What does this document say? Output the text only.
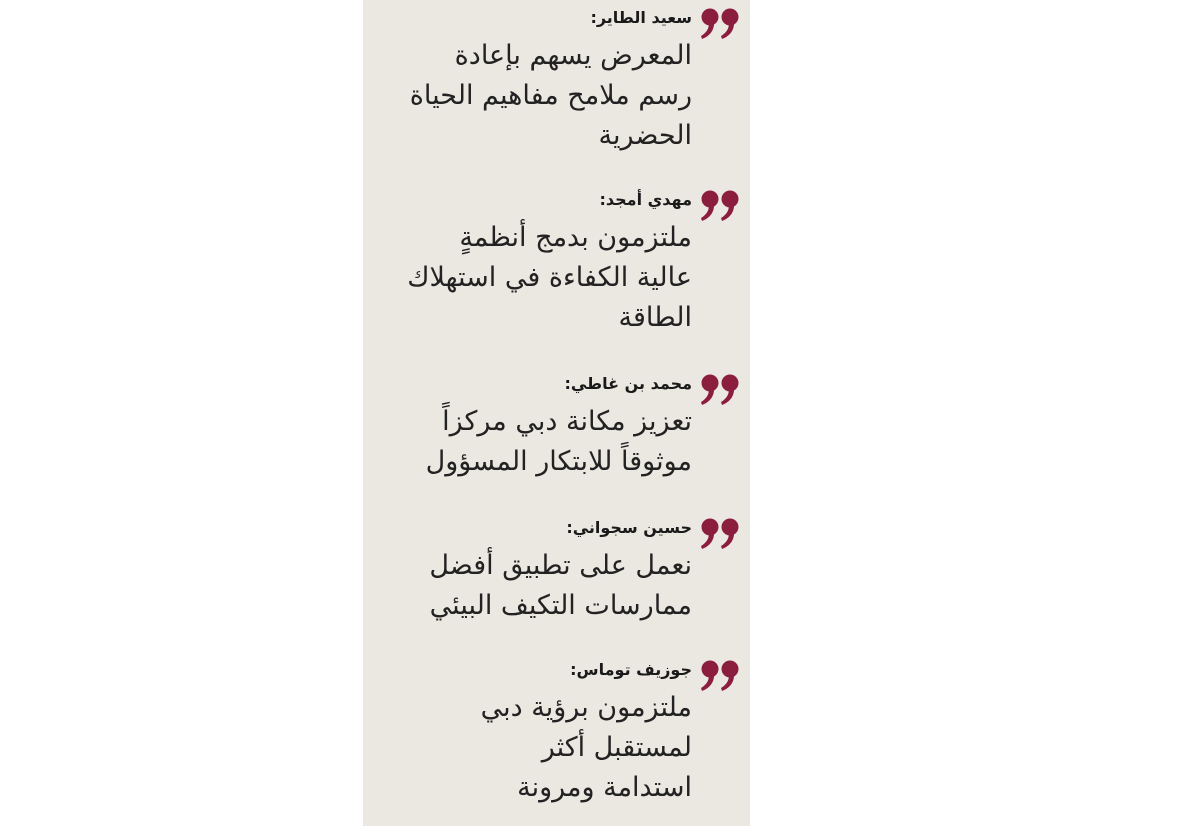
سعيد الطاير:
المعرض يسهم بإعادة
رسم ملامح مفاهيم الحياة
الحضرية
مهدي أمجد:
ملتزمون بدمج أنظمةٍ
عالية الكفاءة في استهلاك
الطاقة
محمد بن غاطي:
تعزيز مكانة دبي مركزاً
موثوقاً للابتكار المسؤول
حسين سجواني:
نعمل على تطبيق أفضل
ممارسات التكيف البيئي
جوزيف توماس:
ملتزمون برؤية دبي
لمستقبل أكثر
استدامة ومرونة
